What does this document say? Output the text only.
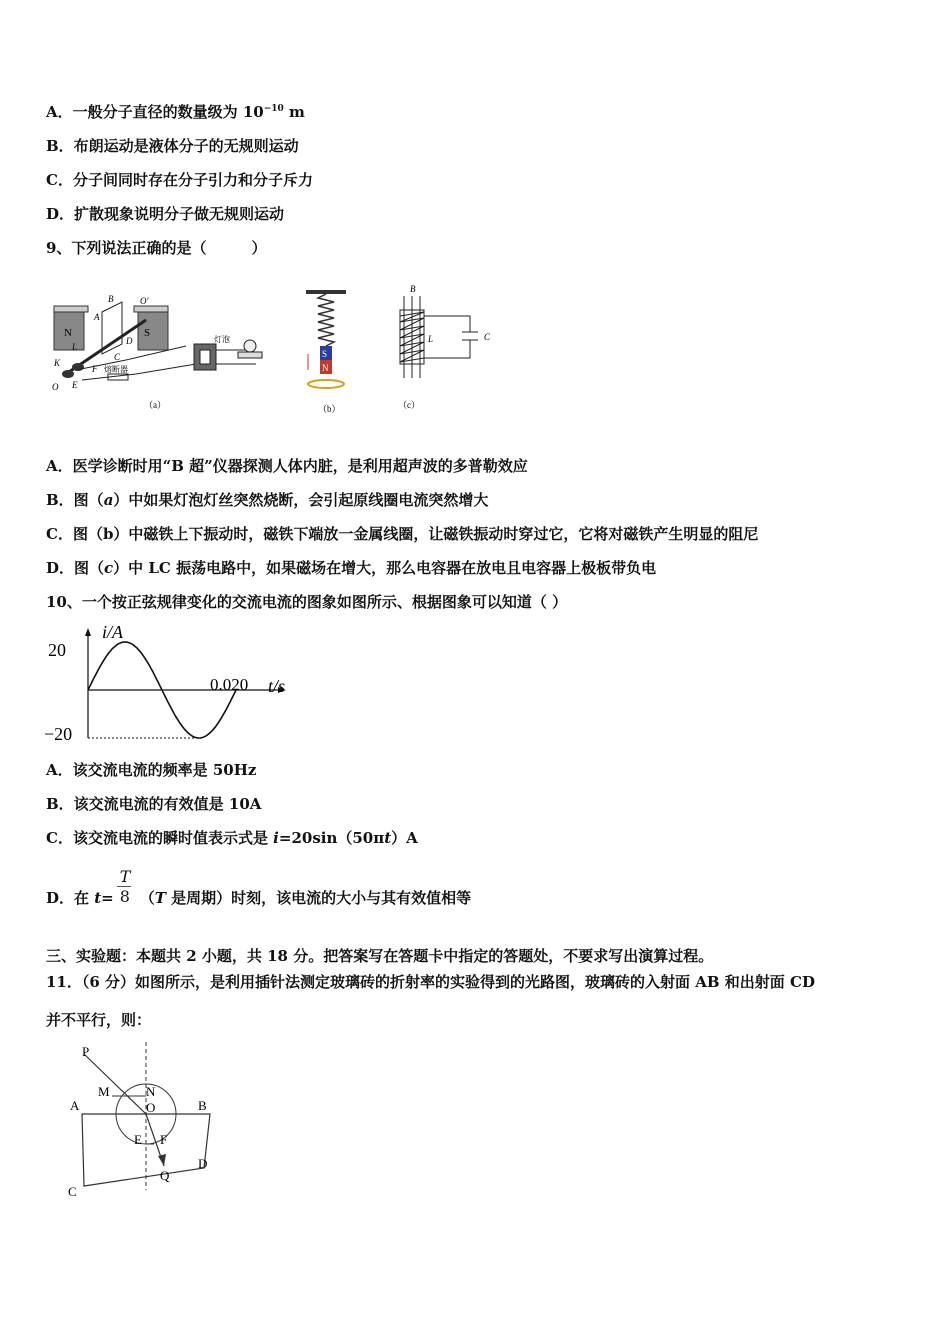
A．一般分子直径的数量级为 $10^{-10}$ m
B．布朗运动是液体分子的无规则运动
C．分子间同时存在分子引力和分子斥力
D．扩散现象说明分子做无规则运动
9、下列说法正确的是（　　　）
N	S
B	O'
A
D
C
K
L
O E
F 熔断器
灯泡
（a）
S
N
（b）
B
L	C
（c）
A．医学诊断时用“B 超”仪器探测人体内脏，是利用超声波的多普勒效应
B．图（a）中如果灯泡灯丝突然烧断，会引起原线圈电流突然增大
C．图（b）中磁铁上下振动时，磁铁下端放一金属线圈，让磁铁振动时穿过它，它将对磁铁产生明显的阻尼
D．图（c）中 LC 振荡电路中，如果磁场在增大，那么电容器在放电且电容器上极板带负电
10、一个按正弦规律变化的交流电流的图象如图所示、根据图象可以知道（ ）
i/A
t/s
0.020
20
−20
A．该交流电流的频率是 50Hz
B．该交流电流的有效值是 10A
C．该交流电流的瞬时值表示式是 i=20sin（50πt）A
D．在 $t= \frac{T}{8} (T$ 是周期）时刻，该电流的大小与其有效值相等
三、实验题：本题共 2 小题，共 18 分。把答案写在答题卡中指定的答题处，不要求写出演算过程。
11．（6 分）如图所示，是利用插针法测定玻璃砖的折射率的实验得到的光路图，玻璃砖的入射面 AB 和出射面 CD
并不平行，则：
P
M	N
O
A	B
E F
C
D
Q
